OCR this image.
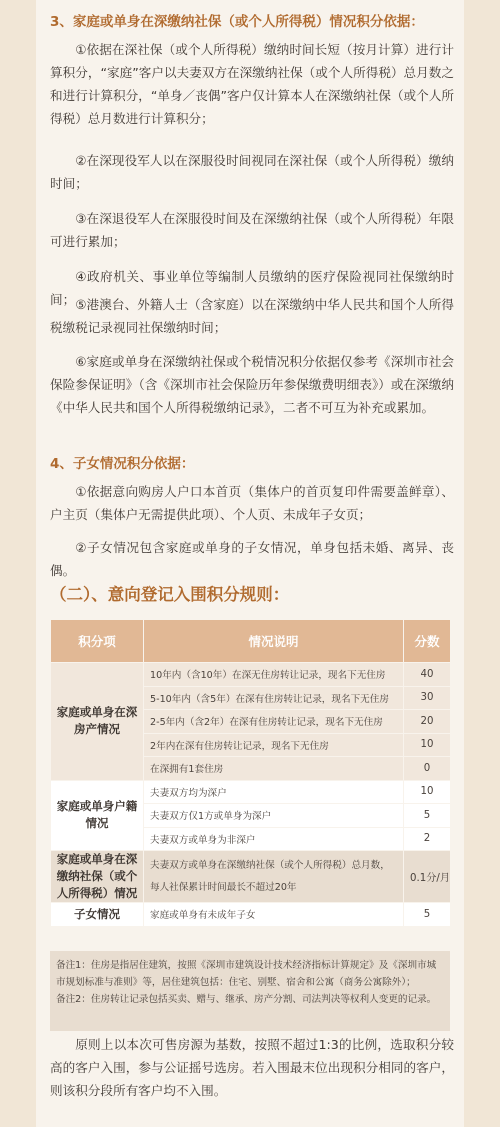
3、家庭或单身在深缴纳社保（或个人所得税）情况积分依据：
①依据在深社保（或个人所得税）缴纳时间长短（按月计算）进行计算积分，“家庭”客户以夫妻双方在深缴纳社保（或个人所得税）总月数之和进行计算积分，“单身／丧偶”客户仅计算本人在深缴纳社保（或个人所得税）总月数进行计算积分；
②在深现役军人以在深服役时间视同在深社保（或个人所得税）缴纳时间；
③在深退役军人在深服役时间及在深缴纳社保（或个人所得税）年限可进行累加；
④政府机关、事业单位等编制人员缴纳的医疗保险视同社保缴纳时间； ⑤港澳台、外籍人士（含家庭）以在深缴纳中华人民共和国个人所得税缴税记录视同社保缴纳时间；
⑥家庭或单身在深缴纳社保或个税情况积分依据仅参考《深圳市社会保险参保证明》（含《深圳市社会保险历年参保缴费明细表》）或在深缴纳《中华人民共和国个人所得税缴纳记录》，二者不可互为补充或累加。
4、子女情况积分依据：
①依据意向购房人户口本首页（集体户的首页复印件需要盖鲜章）、户主页（集体户无需提供此项）、个人页、未成年子女页；
②子女情况包含家庭或单身的子女情况，单身包括未婚、离异、丧偶。
（二）、意向登记入围积分规则：
积分项	情况说明	分数
家庭或单身在深房产情况	10年内（含10年）在深无住房转让记录，现名下无住房	40
	5-10年内（含5年）在深有住房转让记录，现名下无住房	30
	2-5年内（含2年）在深有住房转让记录，现名下无住房	20
	2年内在深有住房转让记录，现名下无住房	10
	在深拥有1套住房	0
家庭或单身户籍情况	夫妻双方均为深户	10
	夫妻双方仅1方或单身为深户	5
	夫妻双方或单身为非深户	2
家庭或单身在深缴纳社保（或个人所得税）情况	夫妻双方或单身在深缴纳社保（或个人所得税）总月数，每人社保累计时间最长不超过20年	0.1分/月
子女情况	家庭或单身有未成年子女	5
备注1：住房是指居住建筑，按照《深圳市建筑设计技术经济指标计算规定》及《深圳市城市规划标准与准则》等，居住建筑包括：住宅、别墅、宿舍和公寓（商务公寓除外）；
备注2：住房转让记录包括买卖、赠与、继承、房产分割、司法判决等权利人变更的记录。
原则上以本次可售房源为基数，按照不超过1:3的比例，选取积分较高的客户入围，参与公证摇号选房。若入围最末位出现积分相同的客户，则该积分段所有客户均不入围。
